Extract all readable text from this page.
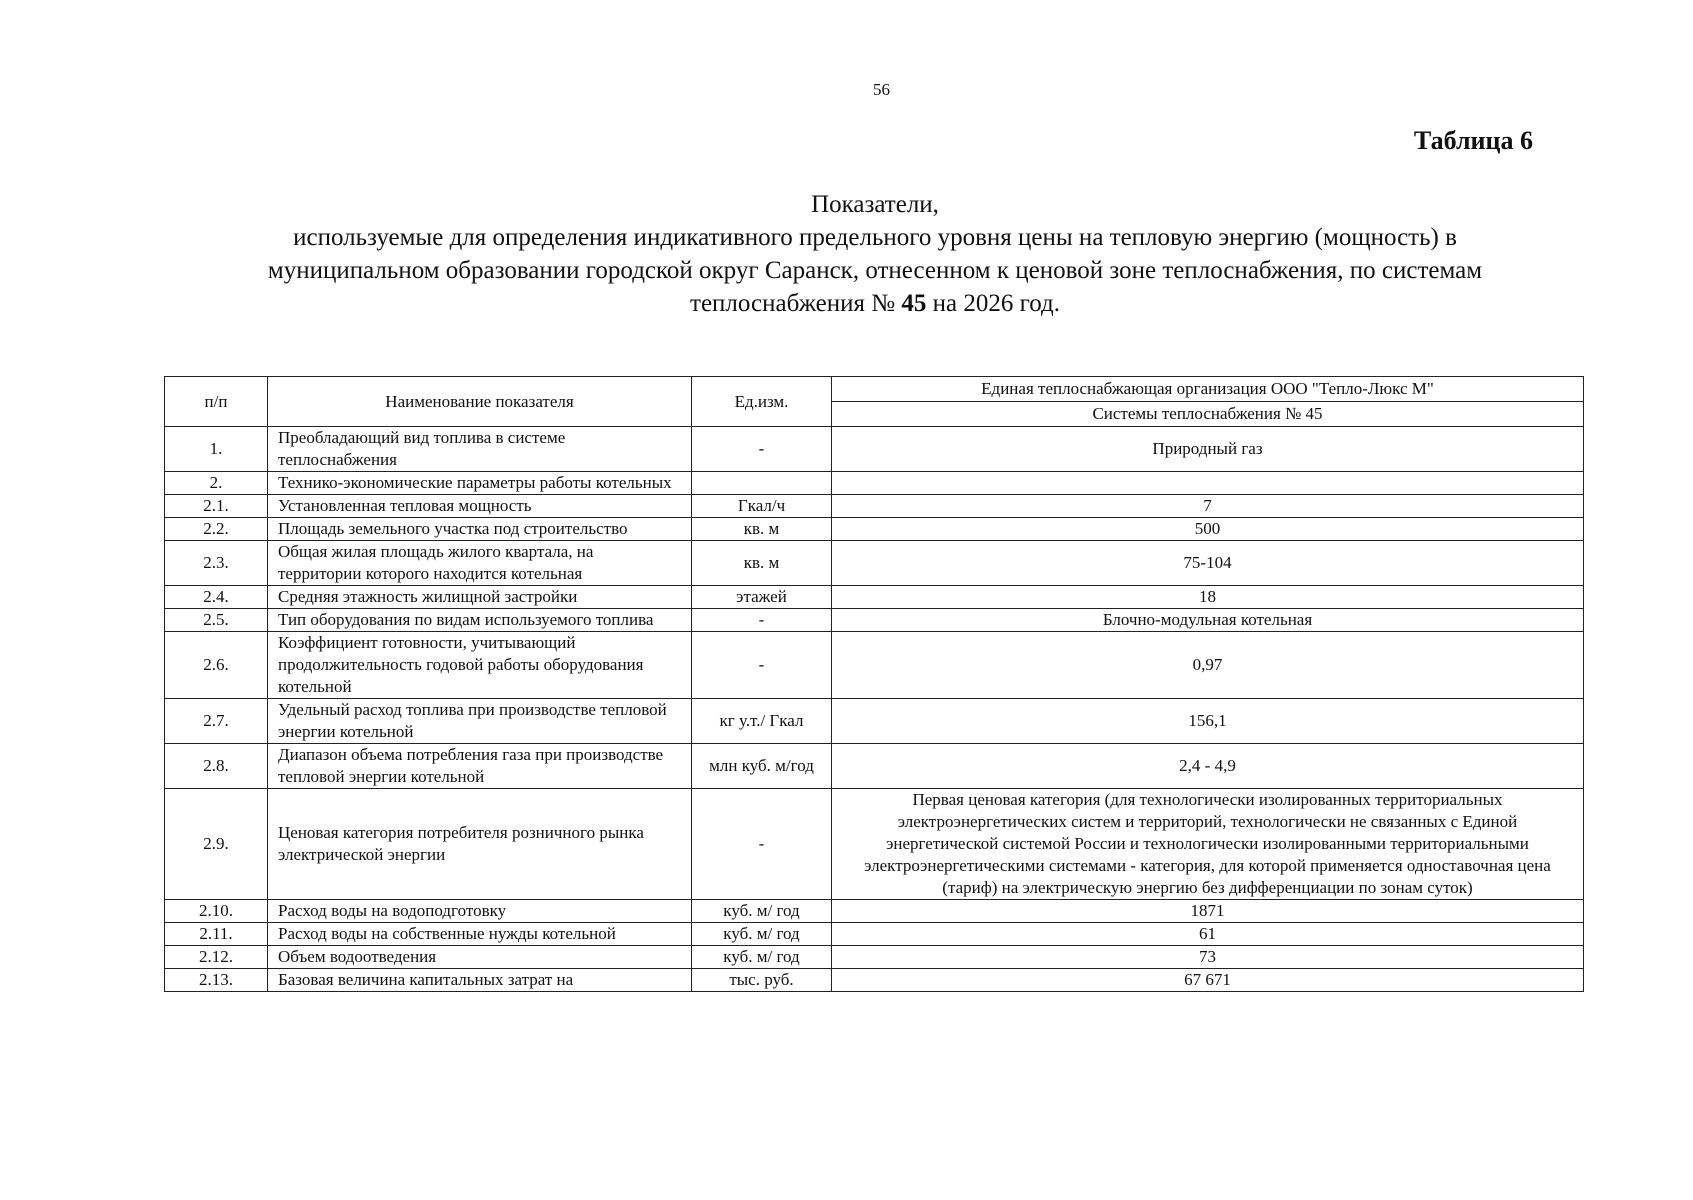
56
Таблица 6
Показатели,
используемые для определения индикативного предельного уровня цены на тепловую энергию (мощность) в
муниципальном образовании городской округ Саранск, отнесенном к ценовой зоне теплоснабжения, по системам
теплоснабжения № 45 на 2026 год.
п/п	Наименование показателя	Ед.изм.	Единая теплоснабжающая организация ООО "Тепло-Люкс М"
			Системы теплоснабжения № 45
1.	Преобладающий вид топлива в системе теплоснабжения	-	Природный газ
2.	Технико-экономические параметры работы котельных		
2.1.	Установленная тепловая мощность	Гкал/ч	7
2.2.	Площадь земельного участка под строительство	кв. м	500
2.3.	Общая жилая площадь жилого квартала, на территории которого находится котельная	кв. м	75-104
2.4.	Средняя этажность жилищной застройки	этажей	18
2.5.	Тип оборудования по видам используемого топлива	-	Блочно-модульная котельная
2.6.	Коэффициент готовности, учитывающий продолжительность годовой работы оборудования котельной	-	0,97
2.7.	Удельный расход топлива при производстве тепловой энергии котельной	кг у.т./ Гкал	156,1
2.8.	Диапазон объема потребления газа при производстве тепловой энергии котельной	млн куб. м/год	2,4 - 4,9
2.9.	Ценовая категория потребителя розничного рынка электрической энергии	-	Первая ценовая категория (для технологически изолированных территориальных электроэнергетических систем и территорий, технологически не связанных с Единой энергетической системой России и технологически изолированными территориальными электроэнергетическими системами - категория, для которой применяется одноставочная цена (тариф) на электрическую энергию без дифференциации по зонам суток)
2.10.	Расход воды на водоподготовку	куб. м/ год	1871
2.11.	Расход воды на собственные нужды котельной	куб. м/ год	61
2.12.	Объем водоотведения	куб. м/ год	73
2.13.	Базовая величина капитальных затрат на	тыс. руб.	67 671
